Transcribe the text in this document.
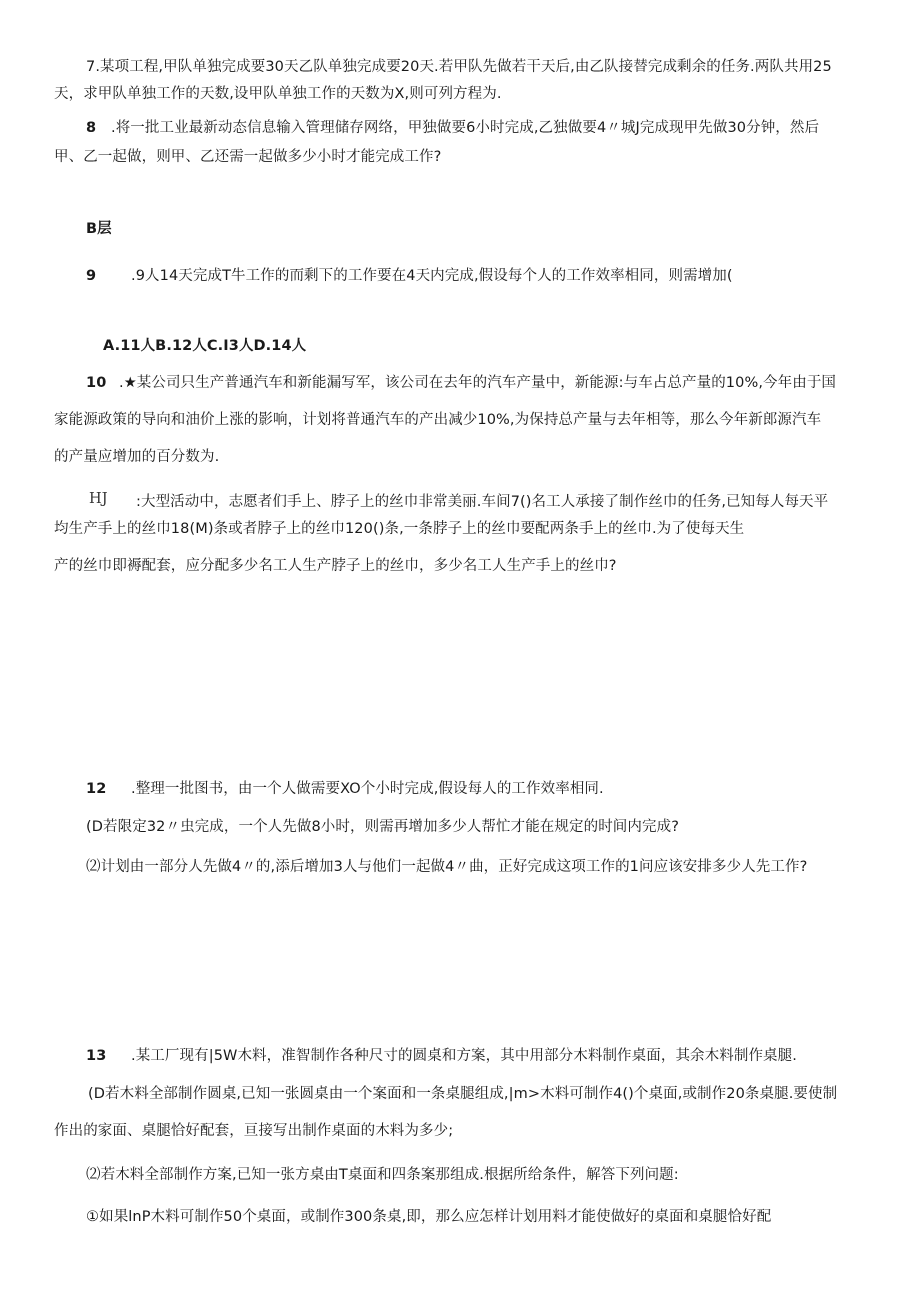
7.某项工程,甲队单独完成要30天乙队单独完成要20天.若甲队先做若干天后,由乙队接替完成剩余的任务.两队共用25
天，求甲队单独工作的天数,设甲队单独工作的天数为X,则可列方程为.
8 .将一批工业最新动态信息输入管理储存网络，甲独做要6小时完成,乙独做要4〃城J完成现甲先做30分钟，然后
甲、乙一起做，则甲、乙还需一起做多少小时才能完成工作?
B层
9 .9人14天完成T牛工作的而剩下的工作要在4天内完成,假设每个人的工作效率相同，则需增加(
A.11人B.12人C.I3人D.14人
10 .★某公司只生产普通汽车和新能漏写军，该公司在去年的汽车产量中，新能源:与车占总产量的10%,今年由于国
家能源政策的导向和油价上涨的影响，计划将普通汽车的产出减少10%,为保持总产量与去年相等，那么今年新郎源汽车
的产量应增加的百分数为.
HJ :大型活动中，志愿者们手上、脖子上的丝巾非常美丽.车间7()名工人承接了制作丝巾的任务,已知每人每天平
均生产手上的丝巾18(M)条或者脖子上的丝巾120()条,一条脖子上的丝巾要配两条手上的丝巾.为了使每天生
产的丝巾即褥配套，应分配多少名工人生产脖子上的丝巾，多少名工人生产手上的丝巾?
12 .整理一批图书，由一个人做需要XO个小时完成,假设每人的工作效率相同.
(D若限定32〃虫完成，一个人先做8小时，则需再增加多少人帮忙才能在规定的时间内完成?
⑵计划由一部分人先做4〃的,添后增加3人与他们一起做4〃曲，正好完成这项工作的1问应该安排多少人先工作?
13 .某工厂现有|5W木料，准智制作各种尺寸的圆桌和方案，其中用部分木料制作桌面，其余木料制作桌腿.
(D若木料全部制作圆桌,已知一张圆桌由一个案面和一条桌腿组成,|m>木料可制作4()个桌面,或制作20条桌腿.要使制
作出的家面、桌腿恰好配套，亘接写出制作桌面的木料为多少;
⑵若木料全部制作方案,已知一张方桌由T桌面和四条案那组成.根据所给条件，解答下列问题:
①如果lnP木料可制作50个桌面，或制作300条桌,即，那么应怎样计划用料才能使做好的桌面和桌腿恰好配
